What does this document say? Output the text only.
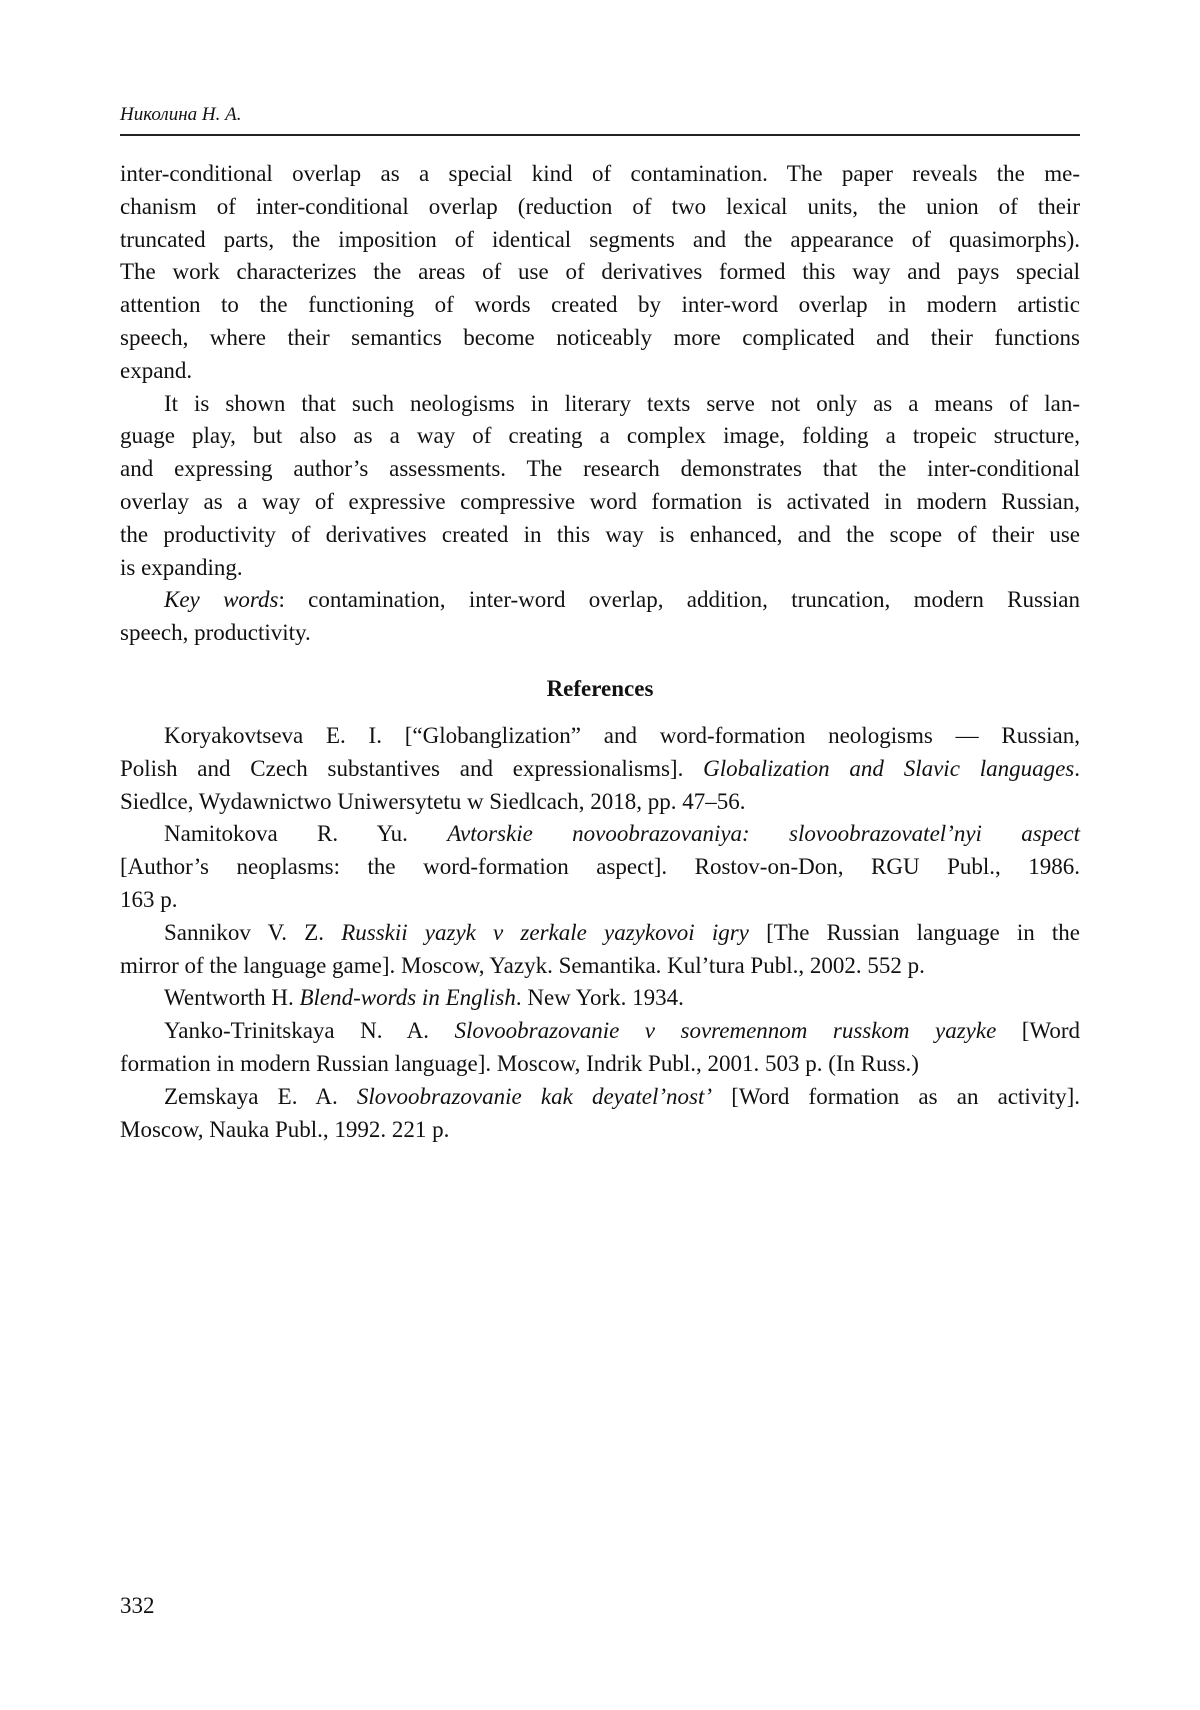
Николина Н. А.
inter-conditional overlap as a special kind of contamination. The paper reveals the me-
chanism of inter-conditional overlap (reduction of two lexical units, the union of their
truncated parts, the imposition of identical segments and the appearance of quasimorphs).
The work characterizes the areas of use of derivatives formed this way and pays special
attention to the functioning of words created by inter-word overlap in modern artistic
speech, where their semantics become noticeably more complicated and their functions
expand.
It is shown that such neologisms in literary texts serve not only as a means of lan-
guage play, but also as a way of creating a complex image, folding a tropeic structure,
and expressing author’s assessments. The research demonstrates that the inter-conditional
overlay as a way of expressive compressive word formation is activated in modern Russian,
the productivity of derivatives created in this way is enhanced, and the scope of their use
is expanding.
Key words: contamination, inter-word overlap, addition, truncation, modern Russian
speech, productivity.
References
Koryakovtseva E. I. [“Globanglization” and word-formation neologisms — Russian,
Polish and Czech substantives and expressionalisms]. Globalization and Slavic languages.
Siedlce, Wydawnictwo Uniwersytetu w Siedlcach, 2018, pp. 47–56.
Namitokova R. Yu. Avtorskie novoobrazovaniya: slovoobrazovatel’nyi aspect
[Author’s neoplasms: the word-formation aspect]. Rostov-on-Don, RGU Publ., 1986.
163 p.
Sannikov V. Z. Russkii yazyk v zerkale yazykovoi igry [The Russian language in the
mirror of the language game]. Moscow, Yazyk. Semantika. Kul’tura Publ., 2002. 552 p.
Wentworth H. Blend-words in English. New York. 1934.
Yanko-Trinitskaya N. A. Slovoobrazovanie v sovremennom russkom yazyke [Word
formation in modern Russian language]. Moscow, Indrik Publ., 2001. 503 p. (In Russ.)
Zemskaya E. A. Slovoobrazovanie kak deyatel’nost’ [Word formation as an activity].
Moscow, Nauka Publ., 1992. 221 p.
332
